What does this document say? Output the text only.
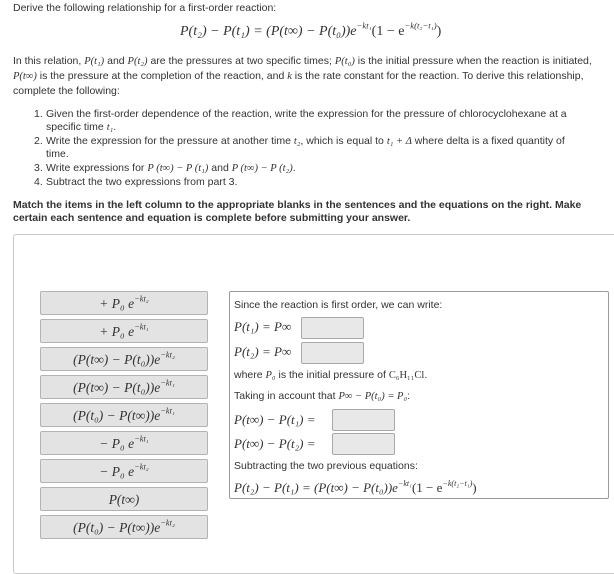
Derive the following relationship for a first-order reaction:
$P(t_2) - P(t_1) = (P(t\infty) - P(t_0))e^{-kt_1}(1 - e^{-k(t_2-t_1)})$
In this relation, P(t₁) and P(t₂) are the pressures at two specific times; P(t₀) is the initial pressure when the reaction is initiated, P(t∞) is the pressure at the completion of the reaction, and k is the rate constant for the reaction. To derive this relationship, complete the following:
1. Given the first-order dependence of the reaction, write the expression for the pressure of chlorocyclohexane at a
specific time t₁.
2. Write the expression for the pressure at another time t₂, which is equal to t₁ + Δ where delta is a fixed quantity of
time.
3. Write expressions for P (t∞) − P (t₁) and P (t∞) − P (t₂).
4. Subtract the two expressions from part 3.
Match the items in the left column to the appropriate blanks in the sentences and the equations on the right. Make certain each sentence and equation is complete before submitting your answer.
+ P₀ $e^{-kt_2}$
+ P₀ $e^{-kt_1}$
$(P(t\infty) - P(t_0))e^{-kt_2}$
$(P(t\infty) - P(t_0))e^{-kt_1}$
$(P(t_0) - P(t\infty))e^{-kt_1}$
− P₀ $e^{-kt_1}$
− P₀ $e^{-kt_2}$
P(t∞)
$(P(t_0) - P(t\infty))e^{-kt_2}$
Since the reaction is first order, we can write:
P(t₁) = P∞
P(t₂) = P∞
where P₀ is the initial pressure of C₆H₁₁Cl.
Taking in account that P∞ − P(t₀) = P₀:
P(t∞) − P(t₁) =
P(t∞) − P(t₂) =
Subtracting the two previous equations:
$P(t_2) - P(t_1) = (P(t\infty) - P(t_0))e^{-kt_1}(1 - e^{-k(t_2-t_1)})$
